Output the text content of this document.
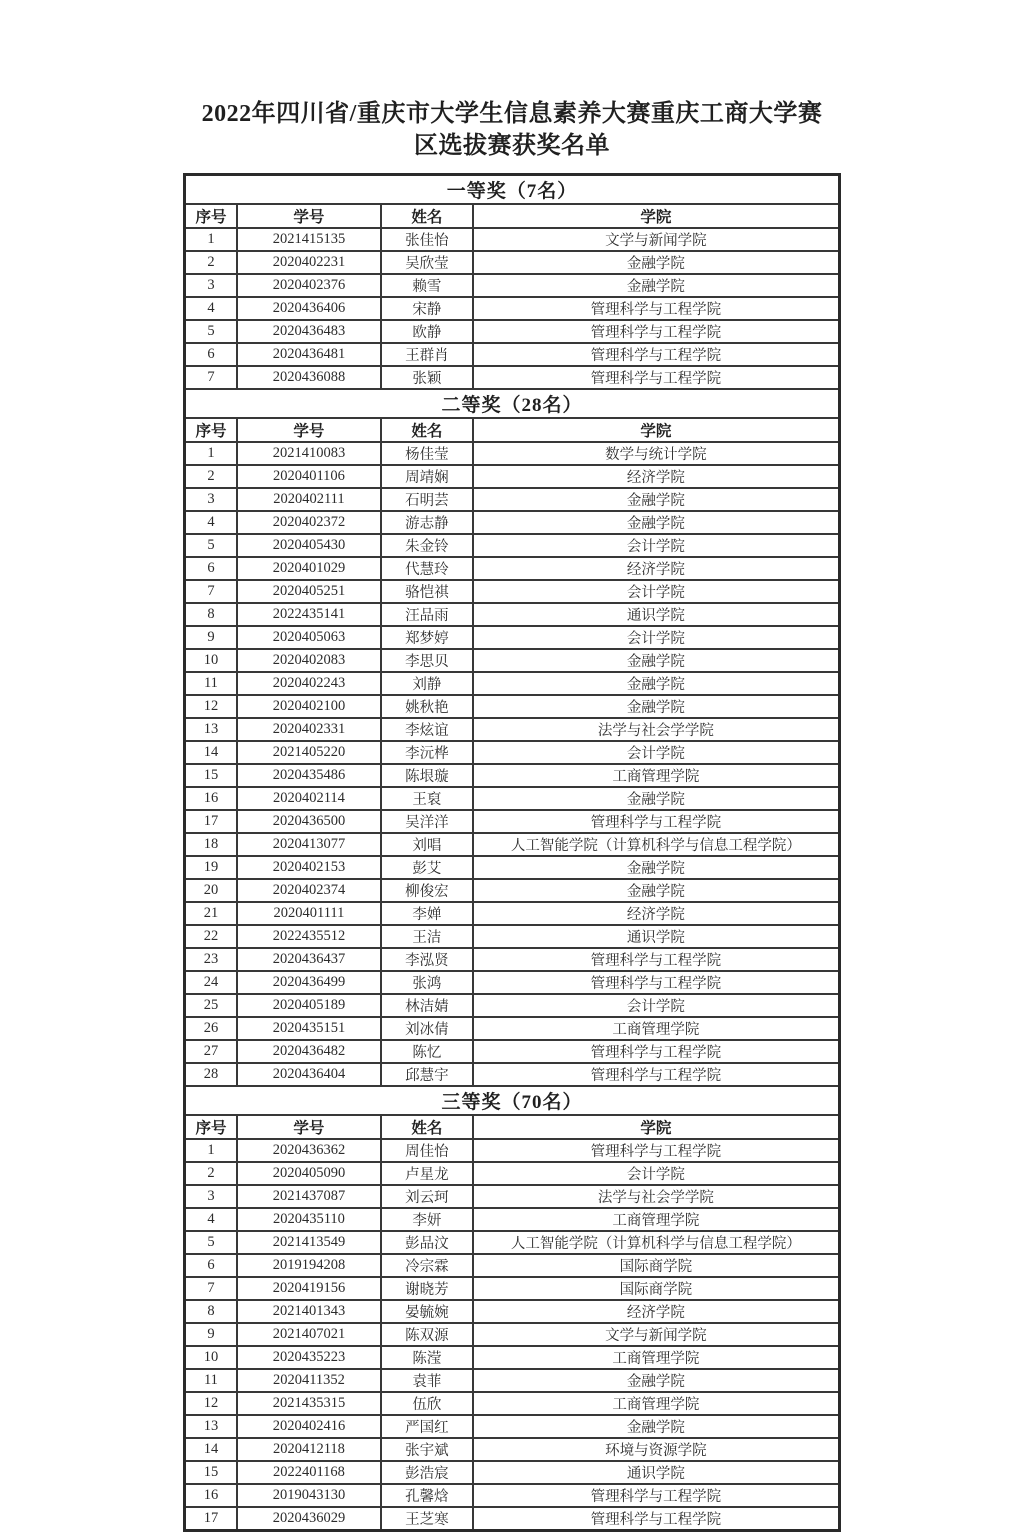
2022年四川省/重庆市大学生信息素养大赛重庆工商大学赛
区选拔赛获奖名单
一等奖（7名）			
序号	学号	姓名	学院
1	2021415135	张佳怡	文学与新闻学院
2	2020402231	吴欣莹	金融学院
3	2020402376	赖雪	金融学院
4	2020436406	宋静	管理科学与工程学院
5	2020436483	欧静	管理科学与工程学院
6	2020436481	王群肖	管理科学与工程学院
7	2020436088	张颖	管理科学与工程学院
二等奖（28名）			
序号	学号	姓名	学院
1	2021410083	杨佳莹	数学与统计学院
2	2020401106	周靖娴	经济学院
3	2020402111	石明芸	金融学院
4	2020402372	游志静	金融学院
5	2020405430	朱金铃	会计学院
6	2020401029	代慧玲	经济学院
7	2020405251	骆恺祺	会计学院
8	2022435141	汪品雨	通识学院
9	2020405063	郑梦婷	会计学院
10	2020402083	李思贝	金融学院
11	2020402243	刘静	金融学院
12	2020402100	姚秋艳	金融学院
13	2020402331	李炫谊	法学与社会学学院
14	2021405220	李沅桦	会计学院
15	2020435486	陈垠璇	工商管理学院
16	2020402114	王裒	金融学院
17	2020436500	吴洋洋	管理科学与工程学院
18	2020413077	刘唱	人工智能学院（计算机科学与信息工程学院）
19	2020402153	彭艾	金融学院
20	2020402374	柳俊宏	金融学院
21	2020401111	李婵	经济学院
22	2022435512	王洁	通识学院
23	2020436437	李泓贤	管理科学与工程学院
24	2020436499	张鸿	管理科学与工程学院
25	2020405189	林洁婧	会计学院
26	2020435151	刘冰倩	工商管理学院
27	2020436482	陈忆	管理科学与工程学院
28	2020436404	邱慧宇	管理科学与工程学院
三等奖（70名）			
序号	学号	姓名	学院
1	2020436362	周佳怡	管理科学与工程学院
2	2020405090	卢星龙	会计学院
3	2021437087	刘云珂	法学与社会学学院
4	2020435110	李妍	工商管理学院
5	2021413549	彭品汶	人工智能学院（计算机科学与信息工程学院）
6	2019194208	冷宗霖	国际商学院
7	2020419156	谢晓芳	国际商学院
8	2021401343	晏毓婉	经济学院
9	2021407021	陈双源	文学与新闻学院
10	2020435223	陈滢	工商管理学院
11	2020411352	袁菲	金融学院
12	2021435315	伍欣	工商管理学院
13	2020402416	严国红	金融学院
14	2020412118	张宇斌	环境与资源学院
15	2022401168	彭浩宸	通识学院
16	2019043130	孔馨焓	管理科学与工程学院
17	2020436029	王芝寒	管理科学与工程学院
